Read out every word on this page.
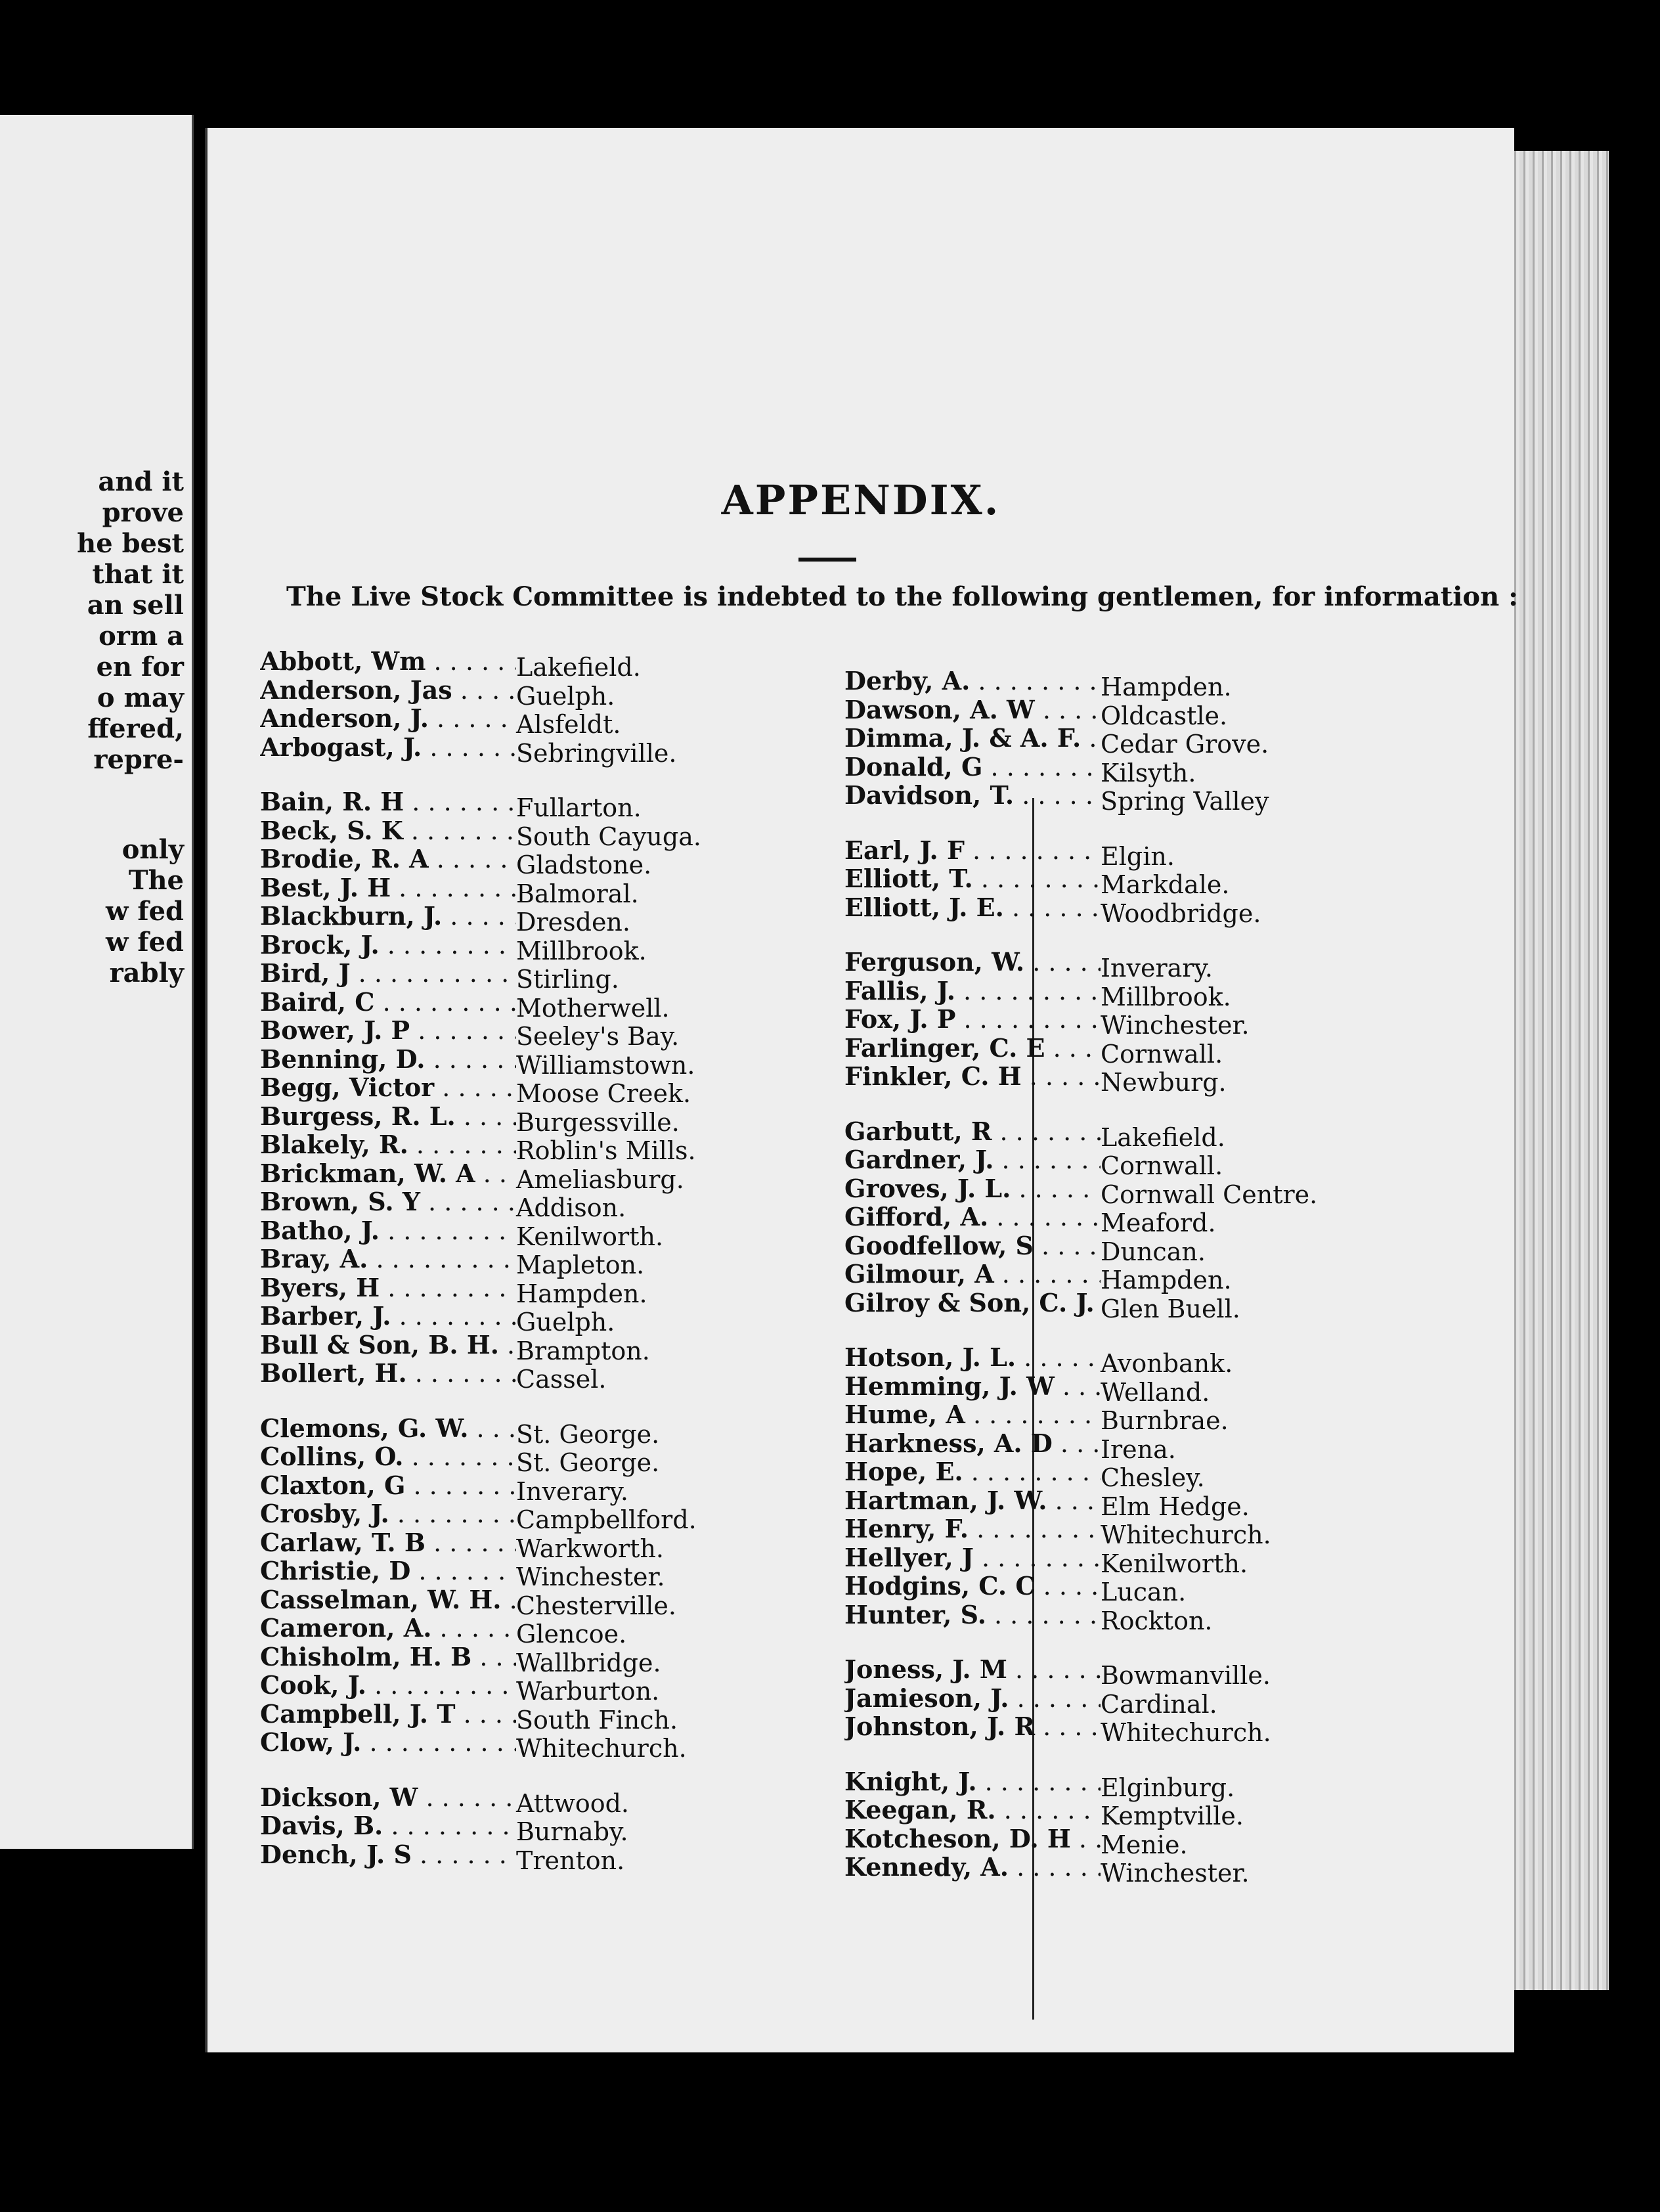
and it
prove
he best
that it
an sell
orm a
en for
o may
ffered,
repre-
only
The
w fed
w fed
rably
APPENDIX.
The Live Stock Committee is indebted to the following gentlemen, for information :
Abbott, Wm . . .	Lakefield.
Anderson, Jas . . .	Guelph.
Anderson, J. . . .	Alsfeldt.
Arbogast, J. . . .	Sebringville.
Bain, R. H . . .	Fullarton.
Beck, S. K . . .	South Cayuga.
Brodie, R. A . . .	Gladstone.
Best, J. H . . .	Balmoral.
Blackburn, J. . . .	Dresden.
Brock, J. . . .	Millbrook.
Bird, J . . .	Stirling.
Baird, C . . .	Motherwell.
Bower, J. P . . .	Seeley's Bay.
Benning, D. . . .	Williamstown.
Begg, Victor . . .	Moose Creek.
Burgess, R. L. . . . Burgessville.
Blakely, R. . . .	Roblin's Mills.
Brickman, W. A . . . Ameliasburg.
Brown, S. Y . . .	Addison.
Batho, J. . . .	Kenilworth.
Bray, A. . . .	Mapleton.
Byers, H . . .	Hampden.
Barber, J. . . .	Guelph.
Bull & Son, B. H. . . . Brampton.
Bollert, H. . . .	Cassel.
Clemons, G. W. . . . St. George.
Collins, O. . . .	St. George.
Claxton, G . . .	Inverary.
Crosby, J. . . .	Campbellford.
Carlaw, T. B . . .	Warkworth.
Christie, D . . .	Winchester.
Casselman, W. H. . . . Chesterville.
Cameron, A. . . .	Glencoe.
Chisholm, H. B . . . Wallbridge.
Cook, J. . . .	Warburton.
Campbell, J. T . . . South Finch.
Clow, J. . . .	Whitechurch.
Dickson, W . . .	Attwood.
Davis, B. . . .	Burnaby.
Dench, J. S . . .	Trenton.
Derby, A. . . .	Hampden.
Dawson, A. W . . .	Oldcastle.
Dimma, J. & A. F. . . . Cedar Grove.
Donald, G . . .	Kilsyth.
Davidson, T. . . .	Spring Valley
Earl, J. F . . .	Elgin.
Elliott, T. . . .	Markdale.
Elliott, J. E. . . .	Woodbridge.
Ferguson, W. . . .	Inverary.
Fallis, J. . . .	Millbrook.
Fox, J. P . . .	Winchester.
Farlinger, C. E . . . Cornwall.
Finkler, C. H . . .	Newburg.
Garbutt, R . . .	Lakefield.
Gardner, J. . . .	Cornwall.
Groves, J. L. . . .	Cornwall Centre.
Gifford, A. . . .	Meaford.
Goodfellow, S . . .	Duncan.
Gilmour, A . . .	Hampden.
Gilroy & Son, C. J. . . . Glen Buell.
Hotson, J. L. . . .	Avonbank.
Hemming, J. W . . . Welland.
Hume, A . . .	Burnbrae.
Harkness, A. D . . . Irena.
Hope, E. . . .	Chesley.
Hartman, J. W. . . . Elm Hedge.
Henry, F. . . .	Whitechurch.
Hellyer, J . . .	Kenilworth.
Hodgins, C. C . . .	Lucan.
Hunter, S. . . .	Rockton.
Joness, J. M . . .	Bowmanville.
Jamieson, J. . . .	Cardinal.
Johnston, J. R . . .	Whitechurch.
Knight, J. . . .	Elginburg.
Keegan, R. . . .	Kemptville.
Kotcheson, D. H . . . Menie.
Kennedy, A. . . .	Winchester.
